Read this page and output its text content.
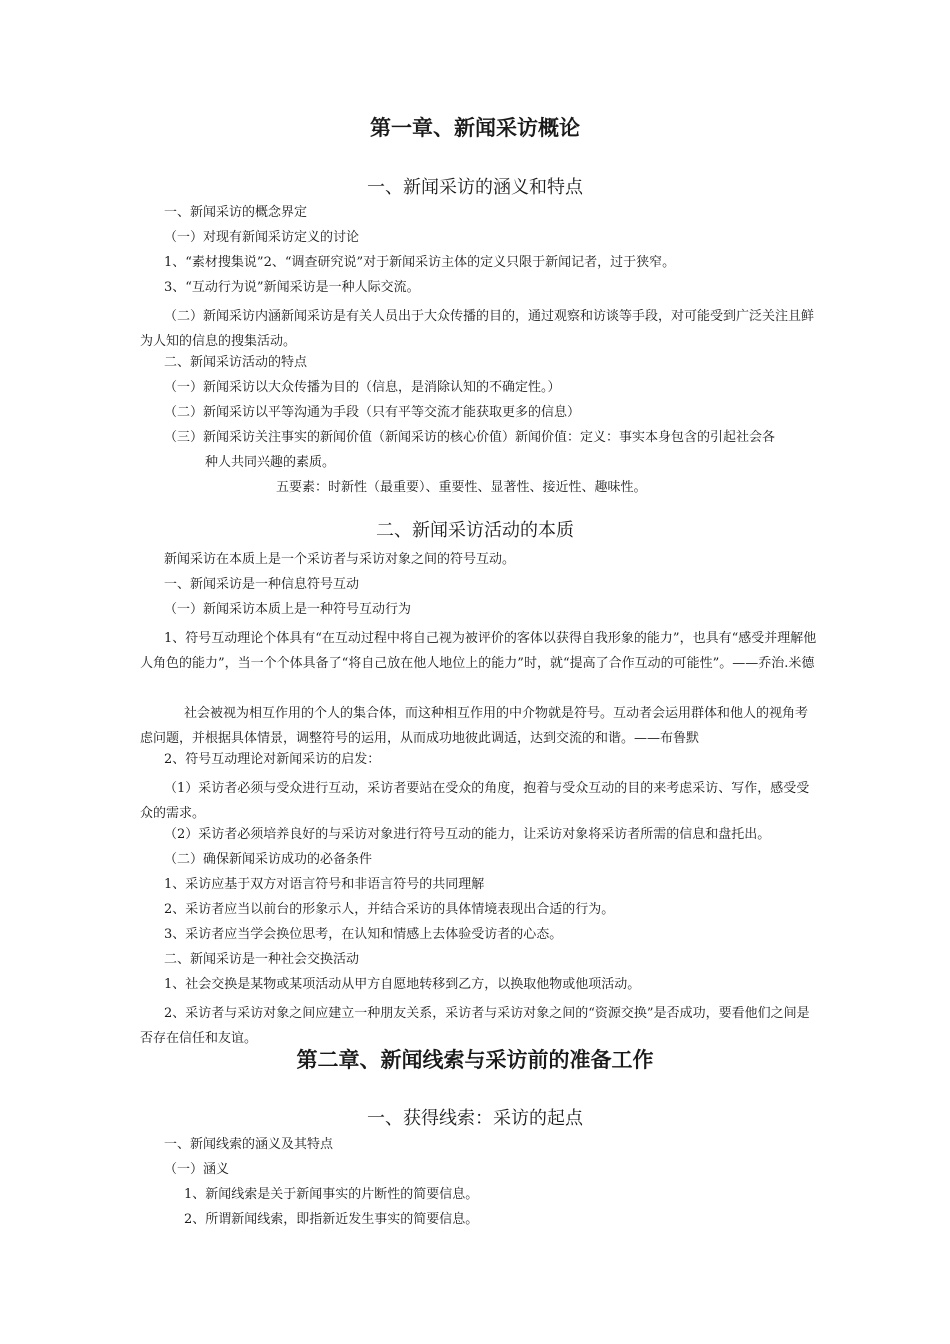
第一章、新闻采访概论
一、新闻采访的涵义和特点
一、新闻采访的概念界定
（一）对现有新闻采访定义的讨论
1、“素材搜集说”2、“调查研究说”对于新闻采访主体的定义只限于新闻记者，过于狭窄。
3、“互动行为说”新闻采访是一种人际交流。
（二）新闻采访内涵新闻采访是有关人员出于大众传播的目的，通过观察和访谈等手段，对可能受到广泛关注且鲜为人知的信息的搜集活动。
二、新闻采访活动的特点
（一）新闻采访以大众传播为目的（信息，是消除认知的不确定性。）
（二）新闻采访以平等沟通为手段（只有平等交流才能获取更多的信息）
（三）新闻采访关注事实的新闻价值（新闻采访的核心价值）新闻价值：定义：事实本身包含的引起社会各
种人共同兴趣的素质。
五要素：时新性（最重要）、重要性、显著性、接近性、趣味性。
二、新闻采访活动的本质
新闻采访在本质上是一个采访者与采访对象之间的符号互动。
一、新闻采访是一种信息符号互动
（一）新闻采访本质上是一种符号互动行为
1、符号互动理论个体具有“在互动过程中将自己视为被评价的客体以获得自我形象的能力”，也具有“感受并理解他人角色的能力”，当一个个体具备了“将自己放在他人地位上的能力”时，就“提高了合作互动的可能性”。——乔治.米德
社会被视为相互作用的个人的集合体，而这种相互作用的中介物就是符号。互动者会运用群体和他人的视角考虑问题，并根据具体情景，调整符号的运用，从而成功地彼此调适，达到交流的和谐。——布鲁默
2、符号互动理论对新闻采访的启发：
（1）采访者必须与受众进行互动，采访者要站在受众的角度，抱着与受众互动的目的来考虑采访、写作，感受受众的需求。
（2）采访者必须培养良好的与采访对象进行符号互动的能力，让采访对象将采访者所需的信息和盘托出。
（二）确保新闻采访成功的必备条件
1、采访应基于双方对语言符号和非语言符号的共同理解
2、采访者应当以前台的形象示人，并结合采访的具体情境表现出合适的行为。
3、采访者应当学会换位思考，在认知和情感上去体验受访者的心态。
二、新闻采访是一种社会交换活动
1、社会交换是某物或某项活动从甲方自愿地转移到乙方，以换取他物或他项活动。
2、采访者与采访对象之间应建立一种朋友关系，采访者与采访对象之间的“资源交换”是否成功，要看他们之间是否存在信任和友谊。
第二章、新闻线索与采访前的准备工作
一、获得线索：采访的起点
一、新闻线索的涵义及其特点
（一）涵义
1、新闻线索是关于新闻事实的片断性的简要信息。
2、所谓新闻线索，即指新近发生事实的简要信息。
